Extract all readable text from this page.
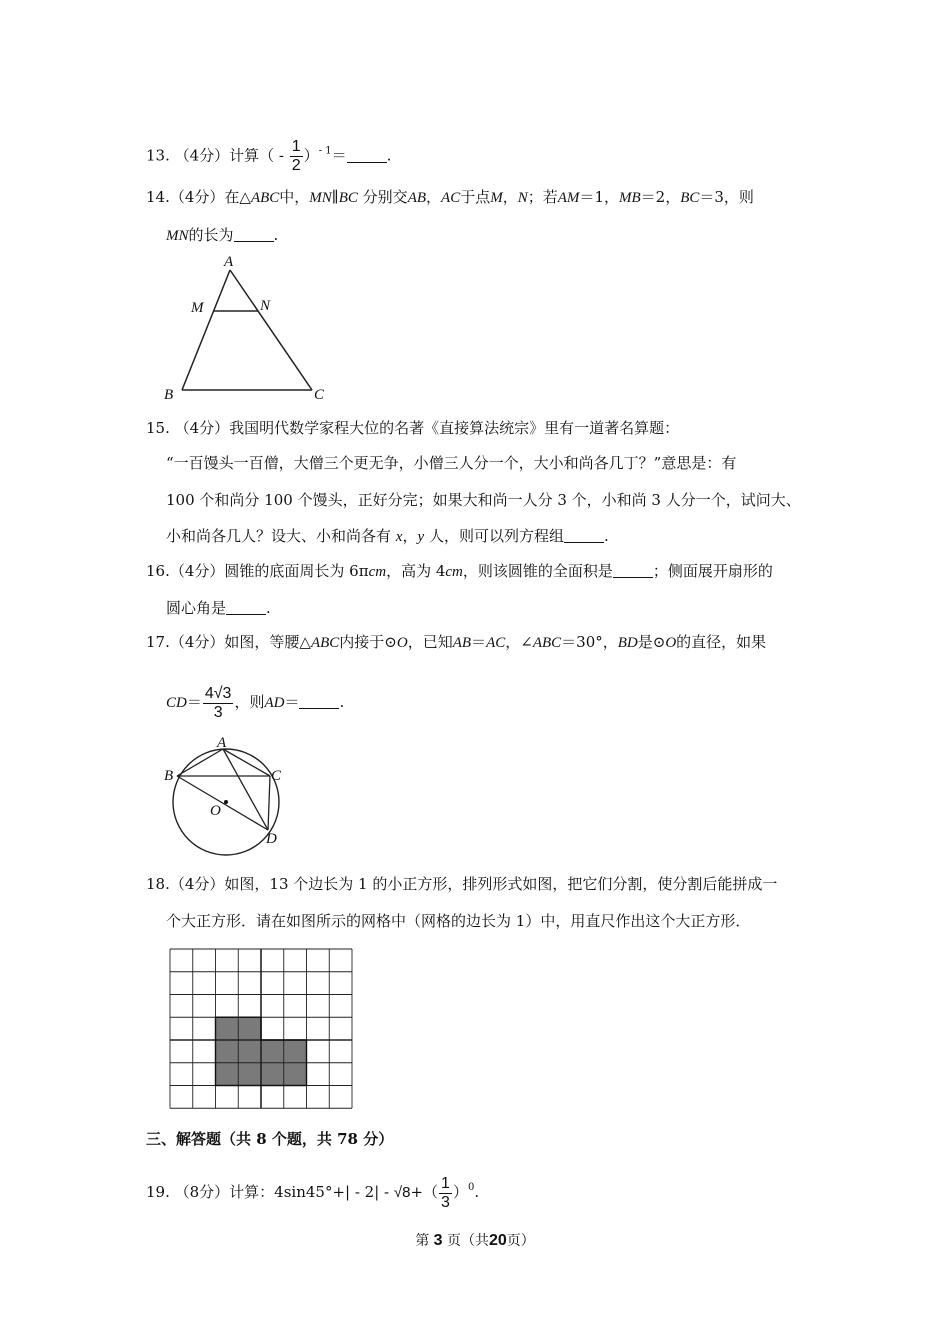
13. （4分）计算（ - $\frac{1}{2} )^{- 1}=$	.
14.（4分）在△ABC中，MN∥BC 分别交AB，AC于点M，N；若AM＝1，MB＝2，BC＝3，则
MN的长为	.
A
M	N
B	C
15. （4分）我国明代数学家程大位的名著《直接算法统宗》里有一道著名算题：
“一百馒头一百僧，大僧三个更无争，小僧三人分一个，大小和尚各几丁？”意思是：有
100 个和尚分 100 个馒头，正好分完；如果大和尚一人分 3 个，小和尚 3 人分一个，试问大、
小和尚各几人？设大、小和尚各有 x，y 人，则可以列方程组	.
16.（4分）圆锥的底面周长为 6πcm，高为 4cm，则该圆锥的全面积是	；侧面展开扇形的
圆心角是	.
17.（4分）如图，等腰△ABC内接于⊙O，已知AB＝AC，∠ABC＝30°，BD是⊙O的直径，如果
$CD= \frac{4√3}{3}$ ，则AD＝	.
A
B	C
O
D
18.（4分）如图，13 个边长为 1 的小正方形，排列形式如图，把它们分割，使分割后能拼成一
个大正方形．请在如图所示的网格中（网格的边长为 1）中，用直尺作出这个大正方形．
三、解答题（共 8 个题，共 78 分）
19. （8分）计算：$4\sin 45^\circ+| - 2| - √8+( \frac{1}{3} )^0$.
第 3 页（共20页）
